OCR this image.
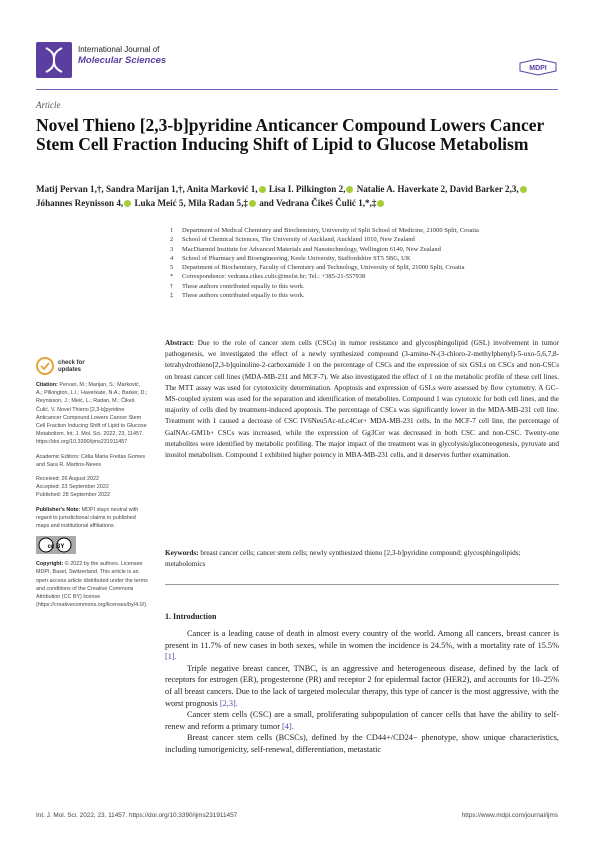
International Journal of
Molecular Sciences
MDPI
Article
Novel Thieno [2,3-b]pyridine Anticancer Compound Lowers Cancer Stem Cell Fraction Inducing Shift of Lipid to Glucose Metabolism
Matij Pervan 1,†, Sandra Marijan 1,†, Anita Marković 1, Lisa I. Pilkington 2, Natalie A. Haverkate 2, David Barker 2,3, Jóhannes Reynisson 4, Luka Meić 5, Mila Radan 5,‡ and Vedrana Čikeš Čulić 1,*,‡
1	Department of Medical Chemistry and Biochemistry, University of Split School of Medicine, 21000 Split, Croatia
2	School of Chemical Sciences, The University of Auckland, Auckland 1010, New Zealand
3	MacDiarmid Institute for Advanced Materials and Nanotechnology, Wellington 6140, New Zealand
4	School of Pharmacy and Bioengineering, Keele University, Staffordshire ST5 5BG, UK
5	Department of Biochemistry, Faculty of Chemistry and Technology, University of Split, 21000 Split, Croatia
*	Correspondence: vedrana.cikes.culic@mefst.hr; Tel.: +385-21-557938
†	These authors contributed equally to this work.
‡	These authors contributed equally to this work.
check for updates

Citation: Pervan, M.; Marijan, S.; Marković, A.; Pilkington, L.I.; Haverkate, N.A.; Barker, D.; Reynisson, J.; Meić, L.; Radan, M.; Čikeš Čulić, V. Novel Thieno [2,3-b]pyridine Anticancer Compound Lowers Cancer Stem Cell Fraction Inducing Shift of Lipid to Glucose Metabolism. Int. J. Mol. Sci. 2022, 23, 11457. https://doi.org/10.3390/ijms231911457

Academic Editors: Célia Maria Freitas Gomes and Sara R. Martins-Neves

Received: 26 August 2022
Accepted: 23 September 2022
Published: 28 September 2022

Publisher's Note: MDPI stays neutral with regard to jurisdictional claims in published maps and institutional affiliations.

cc BY

Copyright: © 2022 by the authors. Licensee MDPI, Basel, Switzerland. This article is an open access article distributed under the terms and conditions of the Creative Commons Attribution (CC BY) license (https://creativecommons.org/licenses/by/4.0/).

Abstract: Due to the role of cancer stem cells (CSCs) in tumor resistance and glycosphingolipid (GSL) involvement in tumor pathogenesis, we investigated the effect of a newly synthesized compound (3-amino-N-(3-chloro-2-methylphenyl)-5-oxo-5,6,7,8-tetrahydrothieno[2,3-b]quinoline-2-carboxamide 1 on the percentage of CSCs and the expression of six GSLs on CSCs and non-CSCs on breast cancer cell lines (MDA-MB-231 and MCF-7). We also investigated the effect of 1 on the metabolic profile of these cell lines. The MTT assay was used for cytotoxicity determination. Apoptosis and expression of GSLs were assessed by flow cytometry. A GC–MS-coupled system was used for the separation and identification of metabolites. Compound 1 was cytotoxic for both cell lines, and the majority of cells died by treatment-induced apoptosis. The percentage of CSCs was significantly lower in the MDA-MB-231 cell line. Treatment with 1 caused a decrease of CSC IV6Neu5Ac-nLc4Cer+ MDA-MB-231 cells. In the MCF-7 cell line, the percentage of GalNAc-GM1b+ CSCs was increased, while the expression of Gg3Cer was decreased in both CSC and non-CSC. Twenty-one metabolites were identified by metabolic profiling. The major impact of the treatment was in glycolysis/gluconeogenesis, pyruvate and inositol metabolism. Compound 1 exhibited higher potency in MBA-MB-231 cells, and it deserves further examination.

Keywords: breast cancer cells; cancer stem cells; newly synthesized thieno [2,3-b]pyridine compound; glycosphingolipids; metabolomics

1. Introduction

Cancer is a leading cause of death in almost every country of the world. Among all cancers, breast cancer is present in 11.7% of new cases in both sexes, while in women the incidence is 24.5%, with a mortality rate of 15.5% [1].

Triple negative breast cancer, TNBC, is an aggressive and heterogeneous disease, defined by the lack of receptors for estrogen (ER), progesterone (PR) and receptor 2 for epidermal factor (HER2), and accounts for 10–25% of all breast cancers. Due to the lack of targeted molecular therapy, this type of cancer is the most aggressive, with the worst prognosis [2,3].

Cancer stem cells (CSC) are a small, proliferating subpopulation of cancer cells that have the ability to self-renew and reform a primary tumor [4].

Breast cancer stem cells (BCSCs), defined by the CD44+/CD24− phenotype, show unique characteristics, including tumorigenicity, self-renewal, differentiation, metastatic

Int. J. Mol. Sci. 2022, 23, 11457. https://doi.org/10.3390/ijms231911457	https://www.mdpi.com/journal/ijms
